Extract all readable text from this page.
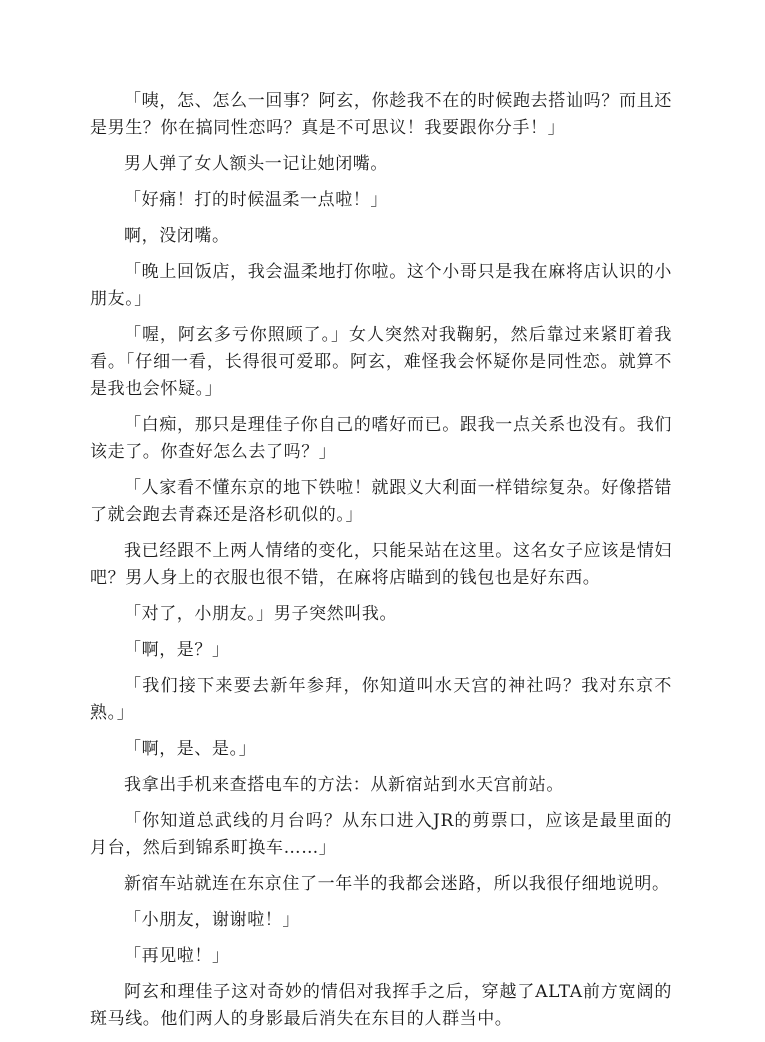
「咦，怎、怎么一回事？阿玄，你趁我不在的时候跑去搭讪吗？而且还是男生？你在搞同性恋吗？真是不可思议！我要跟你分手！」

男人弹了女人额头一记让她闭嘴。

「好痛！打的时候温柔一点啦！」

啊，没闭嘴。

「晚上回饭店，我会温柔地打你啦。这个小哥只是我在麻将店认识的小朋友。」

「喔，阿玄多亏你照顾了。」女人突然对我鞠躬，然后靠过来紧盯着我看。「仔细一看，长得很可爱耶。阿玄，难怪我会怀疑你是同性恋。就算不是我也会怀疑。」

「白痴，那只是理佳子你自己的嗜好而已。跟我一点关系也没有。我们该走了。你查好怎么去了吗？」

「人家看不懂东京的地下铁啦！就跟义大利面一样错综复杂。好像搭错了就会跑去青森还是洛杉矶似的。」

我已经跟不上两人情绪的变化，只能呆站在这里。这名女子应该是情妇吧？男人身上的衣服也很不错，在麻将店瞄到的钱包也是好东西。

「对了，小朋友。」男子突然叫我。

「啊，是？」

「我们接下来要去新年参拜，你知道叫水天宫的神社吗？我对东京不熟。」

「啊，是、是。」

我拿出手机来查搭电车的方法：从新宿站到水天宫前站。

「你知道总武线的月台吗？从东口进入JR的剪票口，应该是最里面的月台，然后到锦系町换车……」

新宿车站就连在东京住了一年半的我都会迷路，所以我很仔细地说明。

「小朋友，谢谢啦！」

「再见啦！」

阿玄和理佳子这对奇妙的情侣对我挥手之后，穿越了ALTA前方宽阔的斑马线。他们两人的身影最后消失在东目的人群当中。
